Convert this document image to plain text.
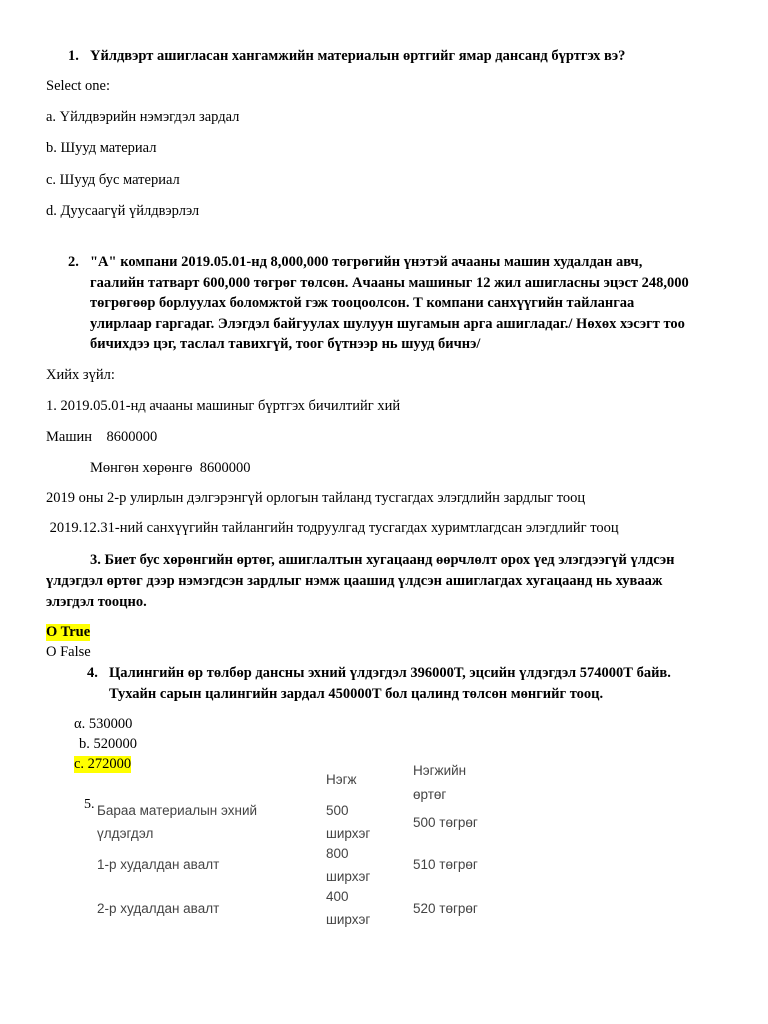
1. Үйлдвэрт ашигласан хангамжийн материалын өртгийг ямар дансанд бүртгэх вэ?
Select one:
a. Үйлдвэрийн нэмэгдэл зардал
b. Шууд материал
c. Шууд бус материал
d. Дуусаагүй үйлдвэрлэл
2. "А" компани 2019.05.01-нд 8,000,000 төгрөгийн үнэтэй ачааны машин худалдан авч,
гаалийн татварт 600,000 төгрөг төлсөн. Ачааны машиныг 12 жил ашигласны эцэст 248,000
төгрөгөөр борлуулах боломжтой гэж тооцоолсон. Т компани санхүүгийн тайлангаа
улирлаар гаргадаг. Элэгдэл байгуулах шулуун шугамын арга ашигладаг./ Нөхөх хэсэгт тоо
бичихдээ цэг, таслал тавихгүй, тоог бүтнээр нь шууд бичнэ/
Хийх зүйл:
1. 2019.05.01-нд ачааны машиныг бүртгэх бичилтийг хий
Машин    8600000
Мөнгөн хөрөнгө  8600000
2019 оны 2-р улирлын дэлгэрэнгүй орлогын тайланд тусгагдах элэгдлийн зардлыг тооц
2019.12.31-ний санхүүгийн тайлангийн тодруулгад тусгагдах хуримтлагдсан элэгдлийг тооц
3. Биет бус хөрөнгийн өртөг, ашиглалтын хугацаанд өөрчлөлт орох үед элэгдээгүй үлдсэн
үлдэгдэл өртөг дээр нэмэгдсэн зардлыг нэмж цаашид үлдсэн ашиглагдах хугацаанд нь хувааж
элэгдэл тооцно.
O True
O False
4. Цалингийн өр төлбөр дансны эхний үлдэгдэл 396000Т, эцсийн үлдэгдэл 574000Т байв.
Тухайн сарын цалингийн зардал 450000Т бол цалинд төлсөн мөнгийг тооц.
α. 530000
b. 520000
c. 272000
5.
Нэгж
Нэгжийн
өртөг
Бараа материалын эхний
үлдэгдэл
500
ширхэг
500 төгрөг
1-р худалдан авалт
800
ширхэг
510 төгрөг
2-р худалдан авалт
400
ширхэг
520 төгрөг
